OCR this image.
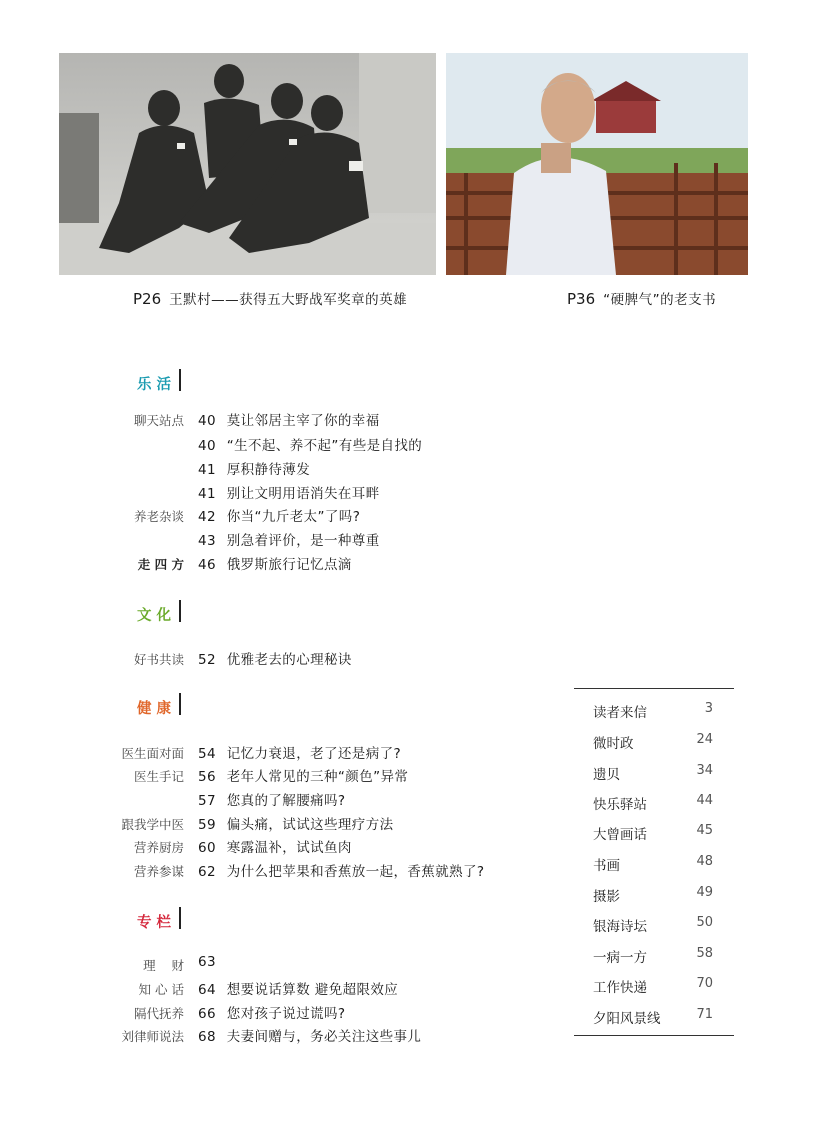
P26 王默村——获得五大野战军奖章的英雄	P36 “硬脾气”的老支书
乐活
聊天站点 40 莫让邻居主宰了你的幸福
40 “生不起、养不起”有些是自找的
41 厚积静待薄发
41 别让文明用语消失在耳畔
养老杂谈 42 你当“九斤老太”了吗?
43 别急着评价，是一种尊重
走 四 方 46 俄罗斯旅行记忆点滴
文化
好书共读 52 优雅老去的心理秘诀
健康
医生面对面 54 记忆力衰退，老了还是病了?
医生手记 56 老年人常见的三种“颜色”异常
57 您真的了解腰痛吗?
跟我学中医 59 偏头痛，试试这些理疗方法
营养厨房 60 寒露温补，试试鱼肉
营养参谋 62 为什么把苹果和香蕉放一起，香蕉就熟了?
专栏
理    财 63
知 心 话 64 想要说话算数 避免超限效应
隔代抚养 66 您对孩子说过谎吗?
刘律师说法 68 夫妻间赠与，务必关注这些事儿
读者来信	3
微时政	24
遗贝	34
快乐驿站	44
大曾画话	45
书画	48
摄影	49
银海诗坛	50
一病一方	58
工作快递	70
夕阳风景线	71
